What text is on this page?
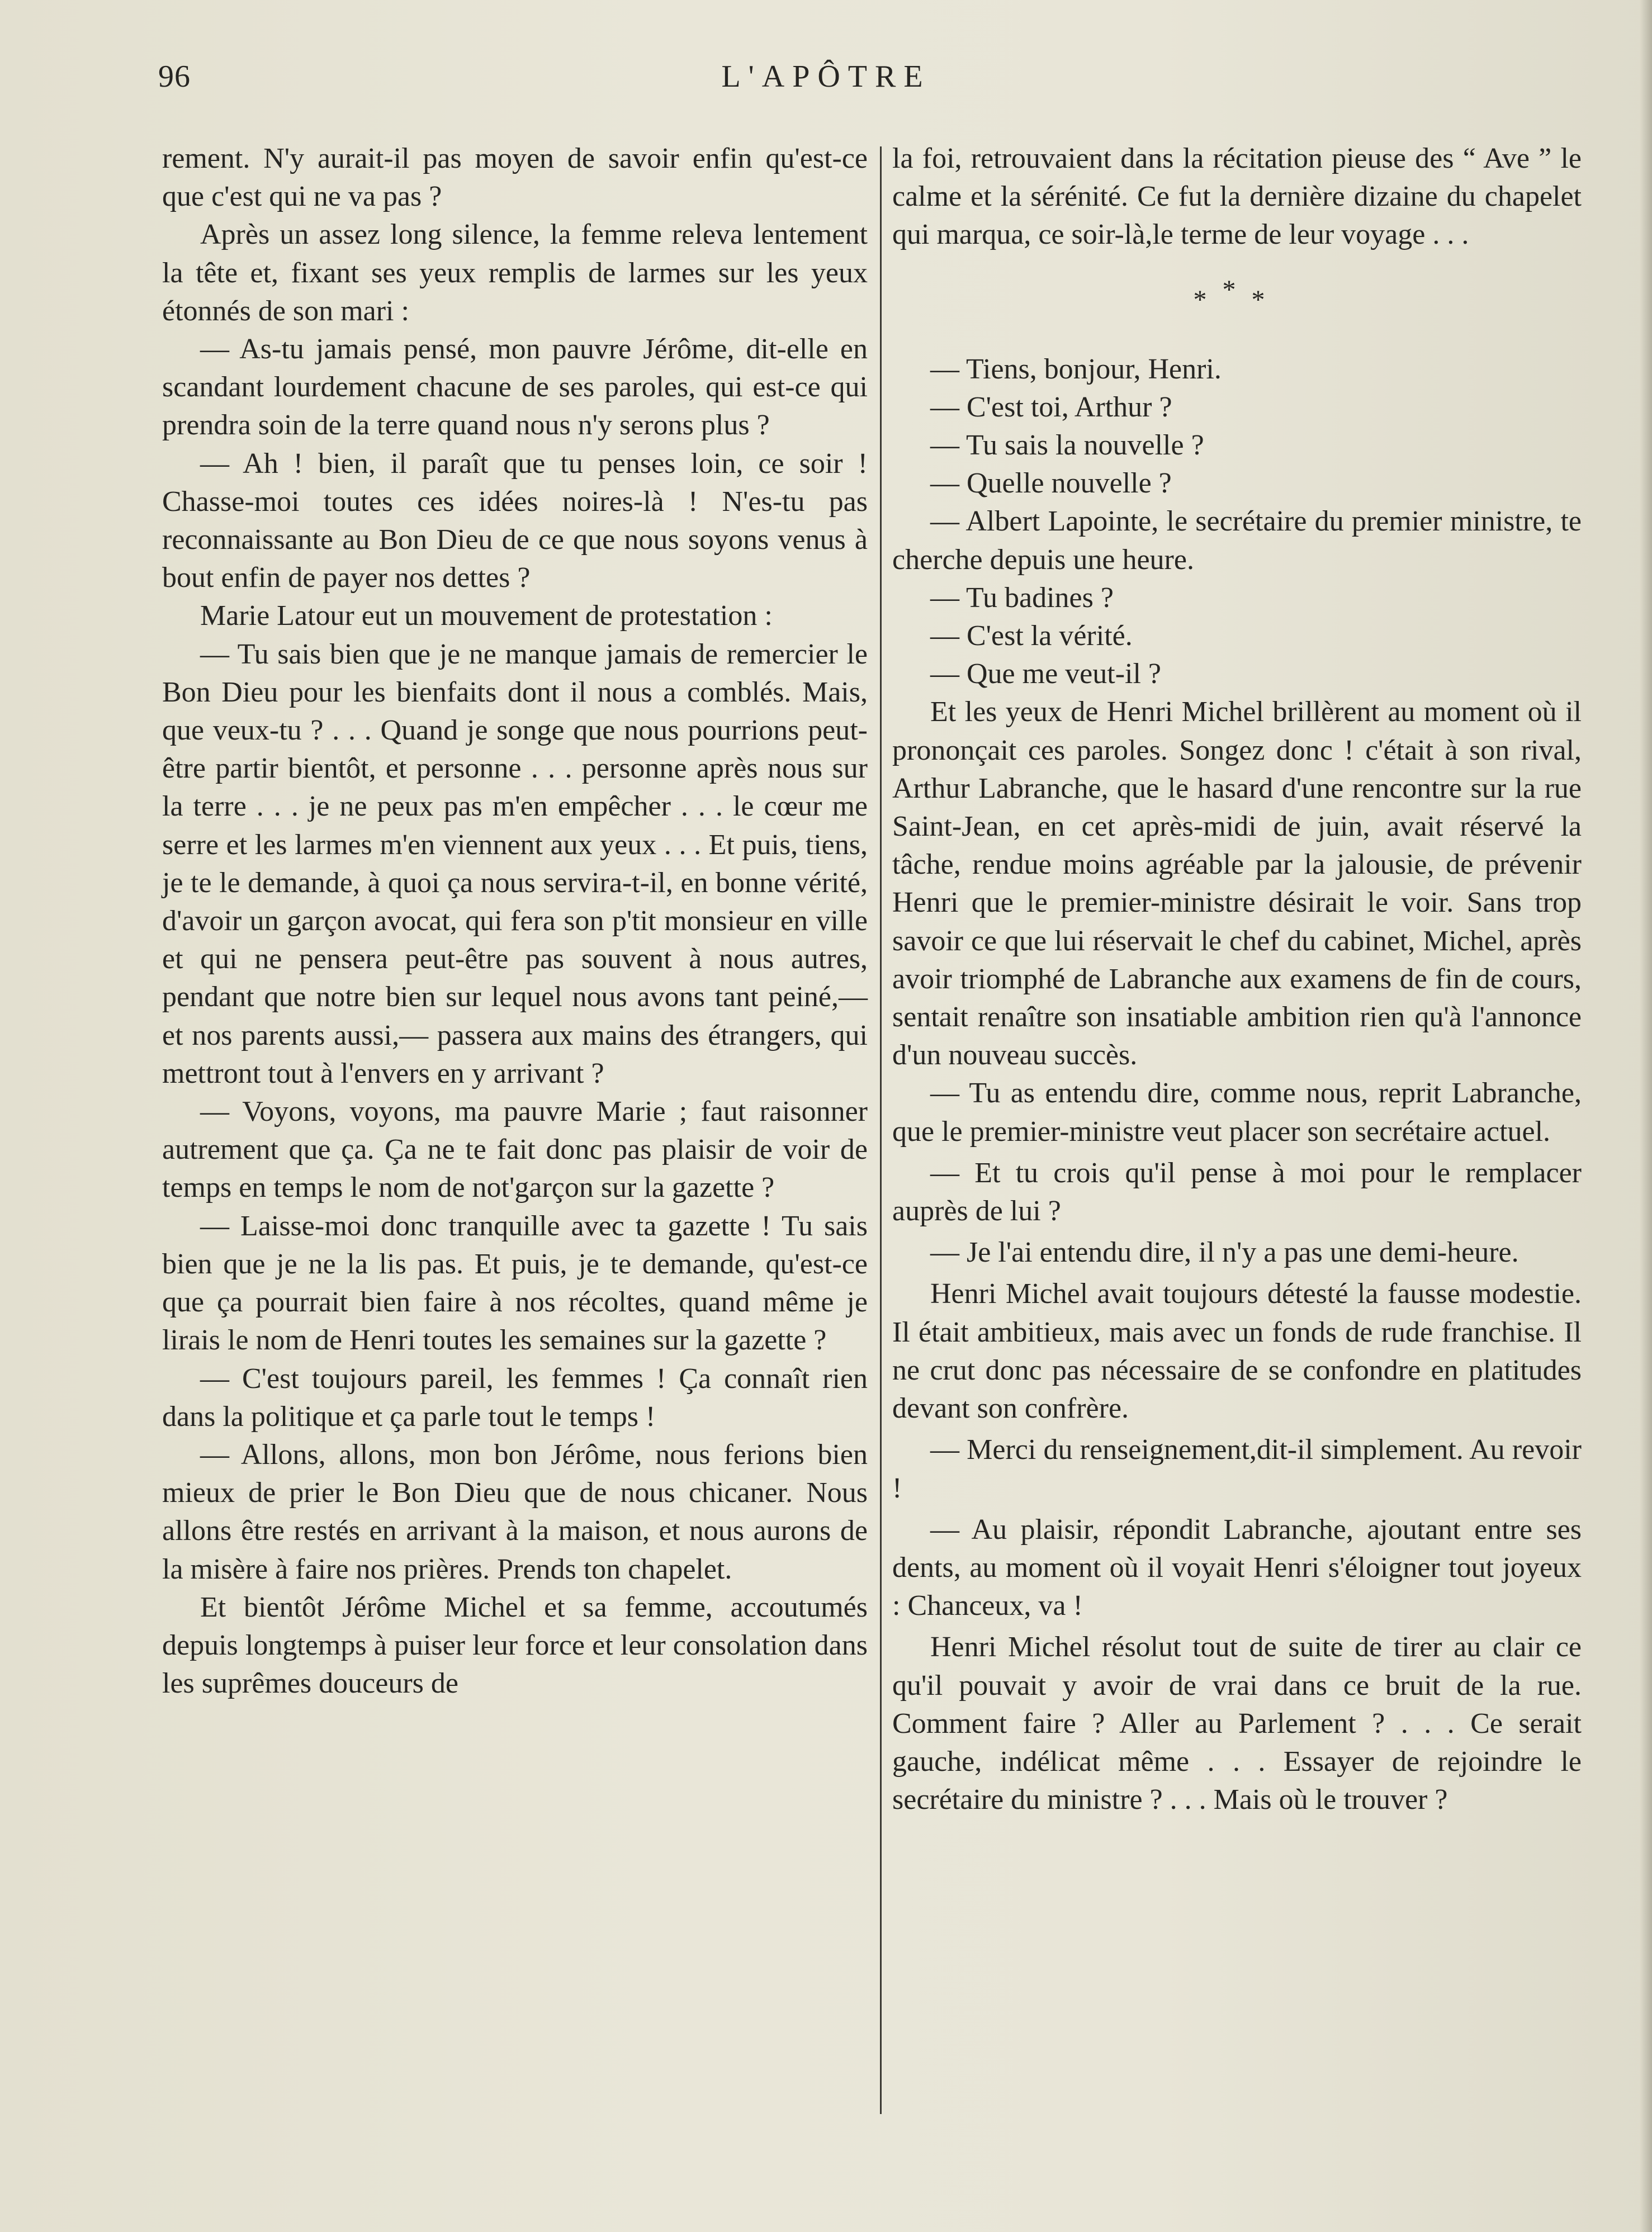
96	L'APÔTRE

rement. N'y aurait-il pas moyen de savoir enfin qu'est-ce que c'est qui ne va pas ?

Après un assez long silence, la femme releva lentement la tête et, fixant ses yeux remplis de larmes sur les yeux étonnés de son mari :

— As-tu jamais pensé, mon pauvre Jérôme, dit-elle en scandant lourdement chacune de ses paroles, qui est-ce qui prendra soin de la terre quand nous n'y serons plus ?

— Ah ! bien, il paraît que tu penses loin, ce soir ! Chasse-moi toutes ces idées noires-là ! N'es-tu pas reconnaissante au Bon Dieu de ce que nous soyons venus à bout enfin de payer nos dettes ?

Marie Latour eut un mouvement de protestation :

— Tu sais bien que je ne manque jamais de remercier le Bon Dieu pour les bienfaits dont il nous a comblés. Mais, que veux-tu ? . . . Quand je songe que nous pourrions peut-être partir bientôt, et personne . . . personne après nous sur la terre . . . je ne peux pas m'en empêcher . . . le cœur me serre et les larmes m'en viennent aux yeux . . . Et puis, tiens, je te le demande, à quoi ça nous servira-t-il, en bonne vérité, d'avoir un garçon avocat, qui fera son p'tit monsieur en ville et qui ne pensera peut-être pas souvent à nous autres, pendant que notre bien sur lequel nous avons tant peiné,— et nos parents aussi,— passera aux mains des étrangers, qui mettront tout à l'envers en y arrivant ?

— Voyons, voyons, ma pauvre Marie ; faut raisonner autrement que ça. Ça ne te fait donc pas plaisir de voir de temps en temps le nom de not'garçon sur la gazette ?

— Laisse-moi donc tranquille avec ta gazette ! Tu sais bien que je ne la lis pas. Et puis, je te demande, qu'est-ce que ça pourrait bien faire à nos récoltes, quand même je lirais le nom de Henri toutes les semaines sur la gazette ?

— C'est toujours pareil, les femmes ! Ça connaît rien dans la politique et ça parle tout le temps !

— Allons, allons, mon bon Jérôme, nous ferions bien mieux de prier le Bon Dieu que de nous chicaner. Nous allons être restés en arrivant à la maison, et nous aurons de la misère à faire nos prières. Prends ton chapelet.

Et bientôt Jérôme Michel et sa femme, accoutumés depuis longtemps à puiser leur force et leur consolation dans les suprêmes douceurs de

la foi, retrouvaient dans la récitation pieuse des “ Ave ” le calme et la sérénité. Ce fut la dernière dizaine du chapelet qui marqua, ce soir-là,le terme de leur voyage . . .

***

— Tiens, bonjour, Henri.

— C'est toi, Arthur ?

— Tu sais la nouvelle ?

— Quelle nouvelle ?

— Albert Lapointe, le secrétaire du premier ministre, te cherche depuis une heure.

— Tu badines ?

— C'est la vérité.

— Que me veut-il ?

Et les yeux de Henri Michel brillèrent au moment où il prononçait ces paroles. Songez donc ! c'était à son rival, Arthur Labranche, que le hasard d'une rencontre sur la rue Saint-Jean, en cet après-midi de juin, avait réservé la tâche, rendue moins agréable par la jalousie, de prévenir Henri que le premier-ministre désirait le voir. Sans trop savoir ce que lui réservait le chef du cabinet, Michel, après avoir triomphé de Labranche aux examens de fin de cours, sentait renaître son insatiable ambition rien qu'à l'annonce d'un nouveau succès.

— Tu as entendu dire, comme nous, reprit Labranche, que le premier-ministre veut placer son secrétaire actuel.

— Et tu crois qu'il pense à moi pour le remplacer auprès de lui ?

— Je l'ai entendu dire, il n'y a pas une demi-heure.

Henri Michel avait toujours détesté la fausse modestie. Il était ambitieux, mais avec un fonds de rude franchise. Il ne crut donc pas nécessaire de se confondre en platitudes devant son confrère.

— Merci du renseignement,dit-il simplement. Au revoir !

— Au plaisir, répondit Labranche, ajoutant entre ses dents, au moment où il voyait Henri s'éloigner tout joyeux : Chanceux, va !

Henri Michel résolut tout de suite de tirer au clair ce qu'il pouvait y avoir de vrai dans ce bruit de la rue. Comment faire ? Aller au Parlement ? . . . Ce serait gauche, indélicat même . . . Essayer de rejoindre le secrétaire du ministre ? . . . Mais où le trouver ?
